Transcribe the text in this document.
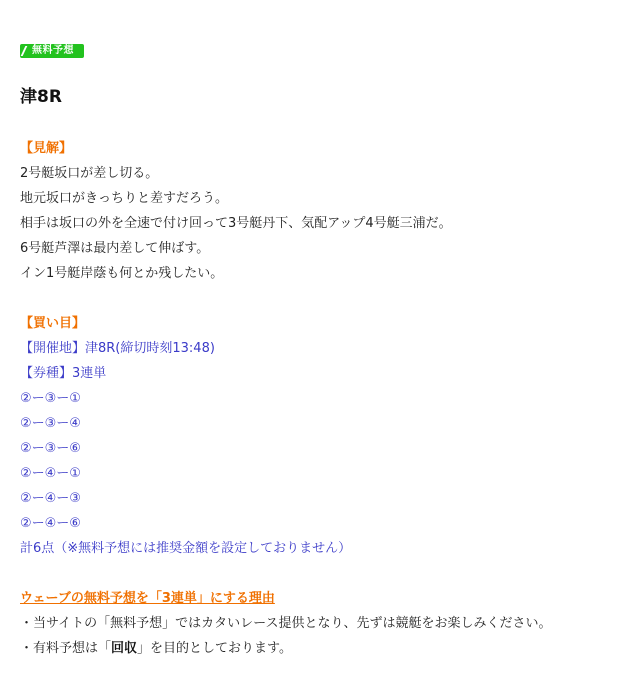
無料予想
津8R
【見解】
2号艇坂口が差し切る。
地元坂口がきっちりと差すだろう。
相手は坂口の外を全速で付け回って3号艇丹下、気配アップ4号艇三浦だ。
6号艇芦澤は最内差して伸ばす。
イン1号艇岸蔭も何とか残したい。
【買い目】
【開催地】津8R(締切時刻13:48)
【券種】3連単
②ー③ー①
②ー③ー④
②ー③ー⑥
②ー④ー①
②ー④ー③
②ー④ー⑥
計6点（※無料予想には推奨金額を設定しておりません）
ウェーブの無料予想を「3連単」にする理由
・当サイトの「無料予想」ではカタいレース提供となり、先ずは競艇をお楽しみください。
・有料予想は「回収」を目的としております。
